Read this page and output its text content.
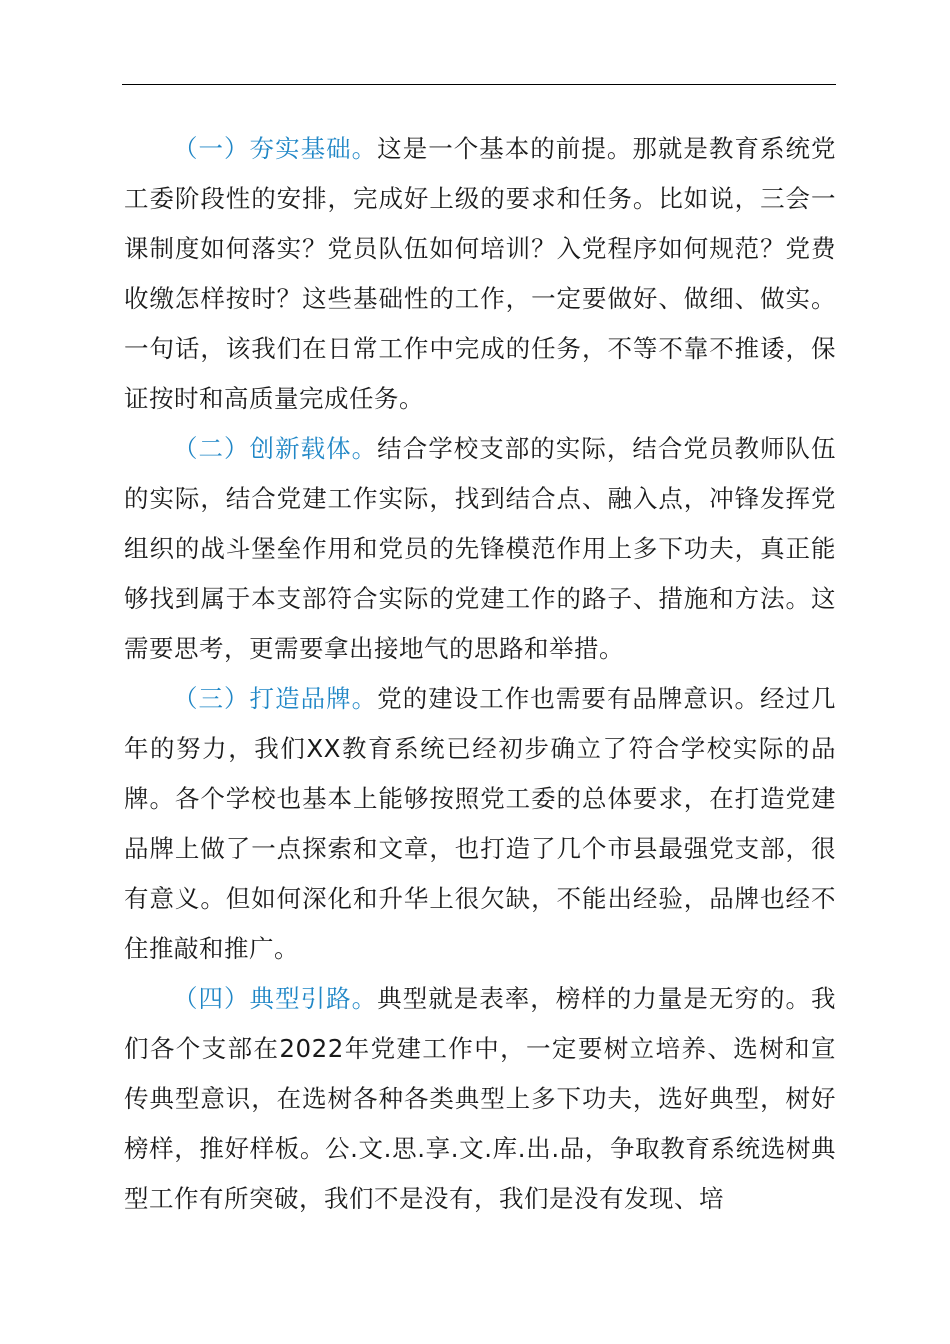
（一）夯实基础。这是一个基本的前提。那就是教育系统党工委阶段性的安排，完成好上级的要求和任务。比如说，三会一课制度如何落实？党员队伍如何培训？入党程序如何规范？党费收缴怎样按时？这些基础性的工作，一定要做好、做细、做实。一句话，该我们在日常工作中完成的任务，不等不靠不推诿，保证按时和高质量完成任务。

（二）创新载体。结合学校支部的实际，结合党员教师队伍的实际，结合党建工作实际，找到结合点、融入点，冲锋发挥党组织的战斗堡垒作用和党员的先锋模范作用上多下功夫，真正能够找到属于本支部符合实际的党建工作的路子、措施和方法。这需要思考，更需要拿出接地气的思路和举措。

（三）打造品牌。党的建设工作也需要有品牌意识。经过几年的努力，我们XX教育系统已经初步确立了符合学校实际的品牌。各个学校也基本上能够按照党工委的总体要求，在打造党建品牌上做了一点探索和文章，也打造了几个市县最强党支部，很有意义。但如何深化和升华上很欠缺，不能出经验，品牌也经不住推敲和推广。

（四）典型引路。典型就是表率，榜样的力量是无穷的。我们各个支部在2022年党建工作中，一定要树立培养、选树和宣传典型意识，在选树各种各类典型上多下功夫，选好典型，树好榜样，推好样板。公.文.思.享.文.库.出.品，争取教育系统选树典型工作有所突破，我们不是没有，我们是没有发现、培
